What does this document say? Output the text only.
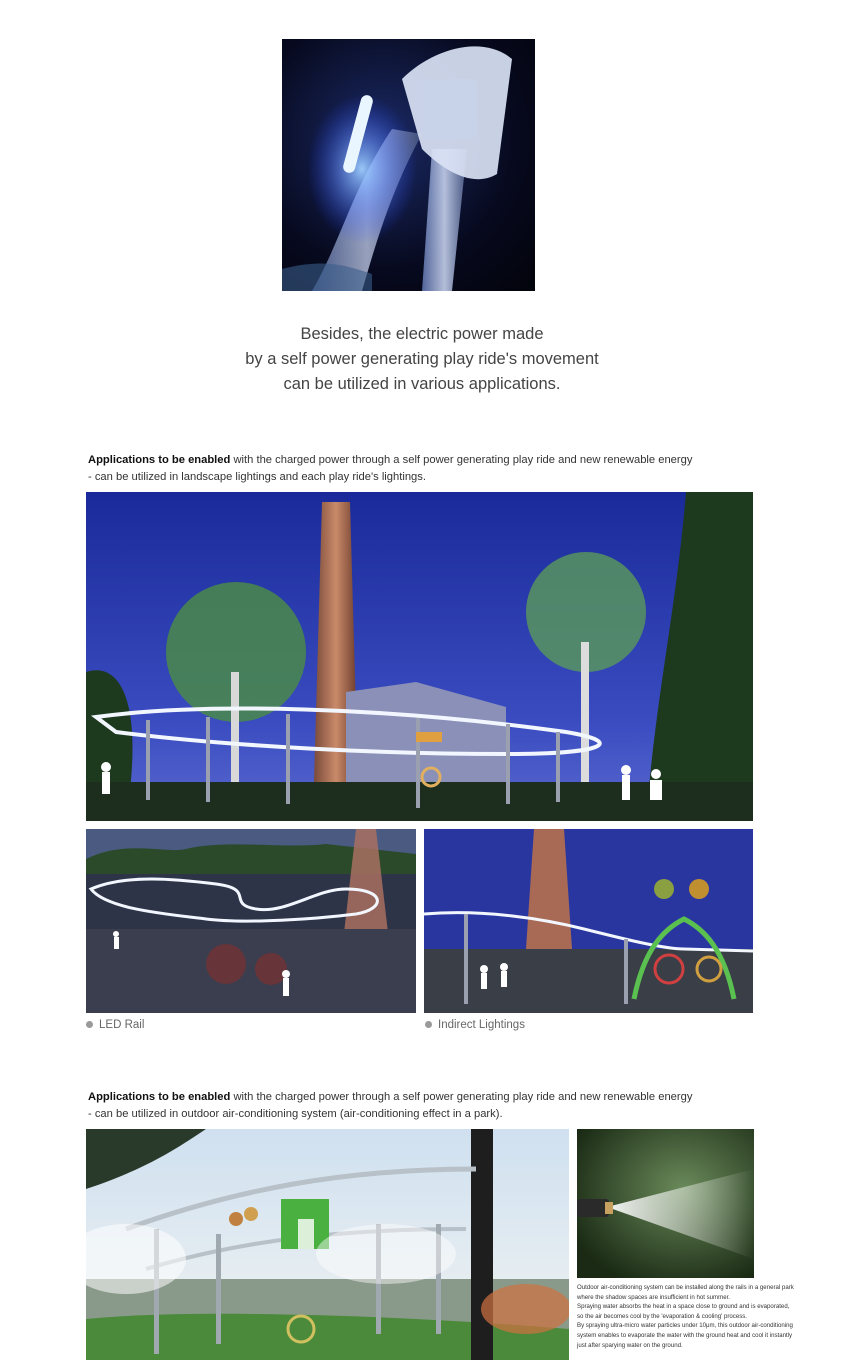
Besides, the electric power made
by a self power generating play ride's movement
can be utilized in various applications.
Applications to be enabled with the charged power through a self power generating play ride and new renewable energy
- can be utilized in landscape lightings and each play ride's lightings.
LED Rail	Indirect Lightings
Applications to be enabled with the charged power through a self power generating play ride and new renewable energy
- can be utilized in outdoor air-conditioning system (air-conditioning effect in a park).
Outdoor air-conditioning system can be installed along the rails in a general park
where the shadow spaces are insufficient in hot summer.
Spraying water absorbs the heat in a space close to ground and is evaporated,
so the air becomes cool by the 'evaporation & cooling' process.
By spraying ultra-micro water particles under 10μm, this outdoor air-conditioning
system enables to evaporate the water with the ground heat and cool it instantly
just after sparying water on the ground.
